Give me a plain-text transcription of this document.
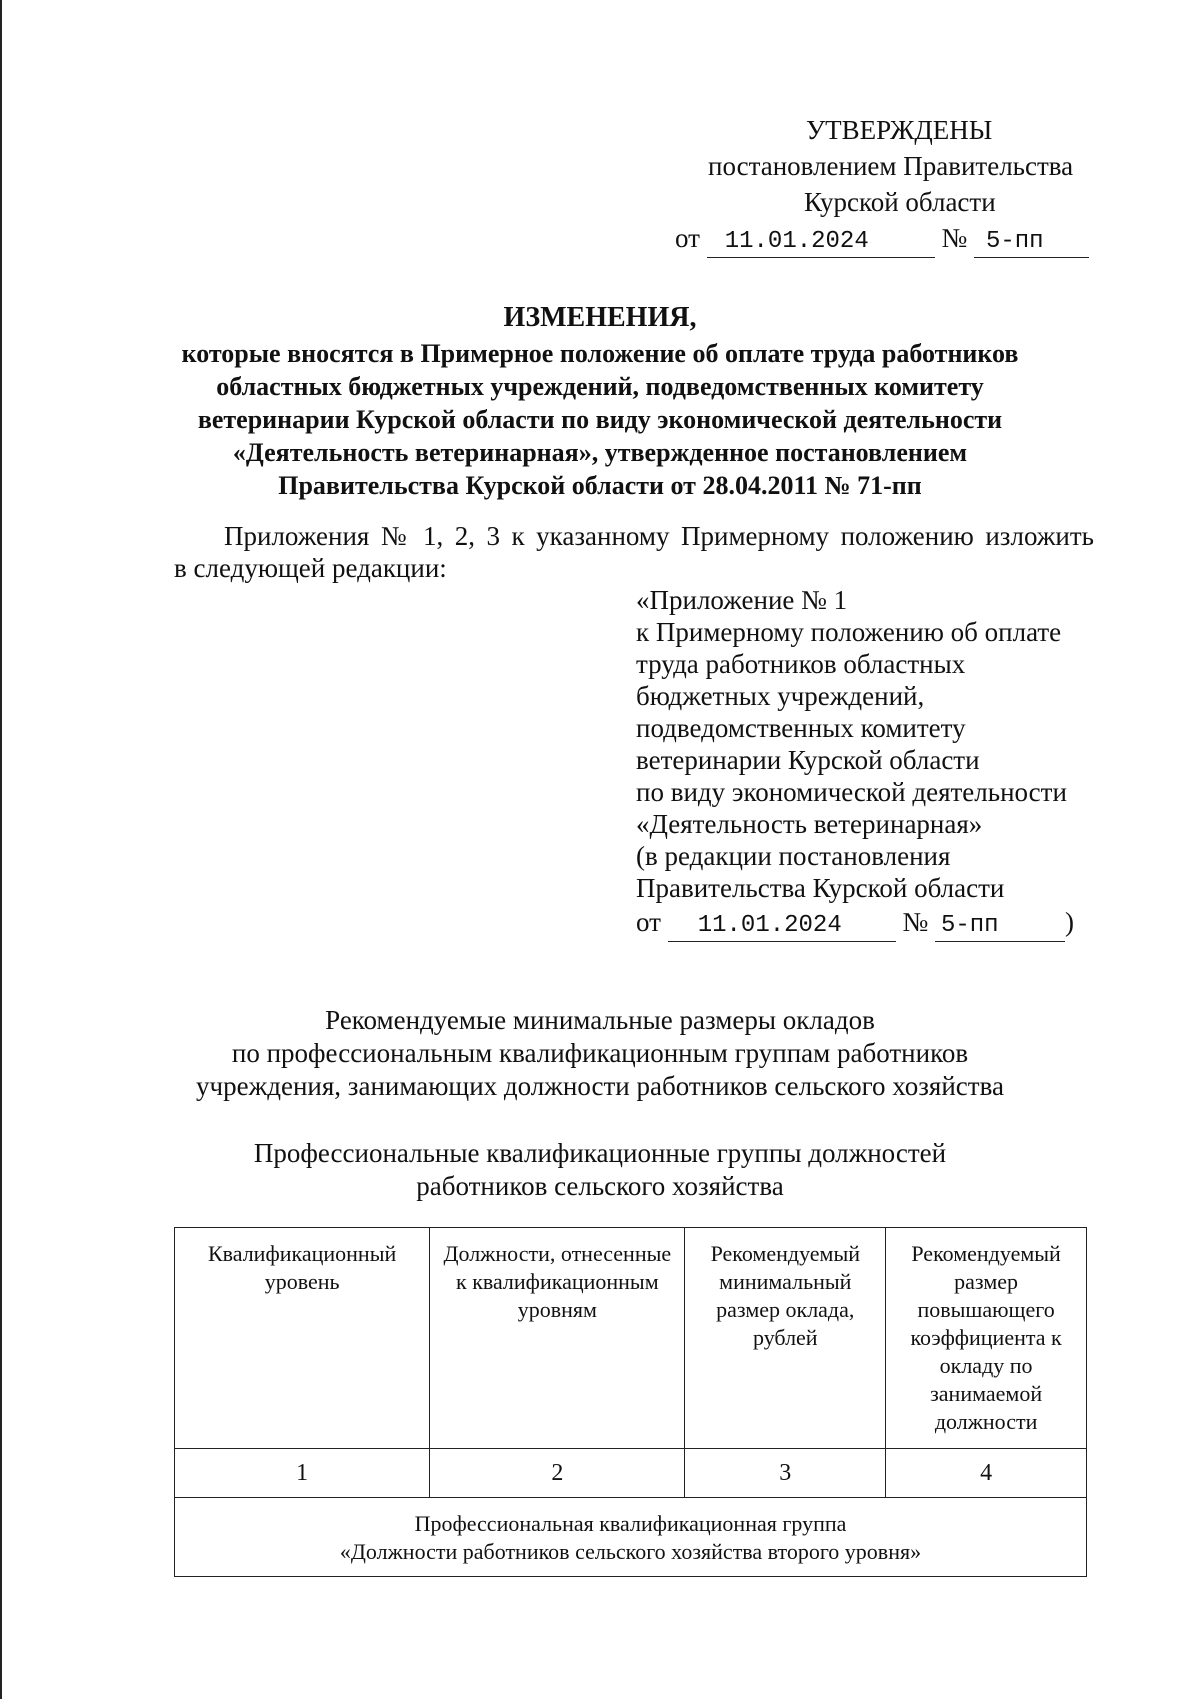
УТВЕРЖДЕНЫ
постановлением Правительства
Курской области
от 11.01.2024	№ 5-пп
ИЗМЕНЕНИЯ,
которые вносятся в Примерное положение об оплате труда работников
областных бюджетных учреждений, подведомственных комитету
ветеринарии Курской области по виду экономической деятельности
«Деятельность ветеринарная», утвержденное постановлением
Правительства Курской области от 28.04.2011 № 71-пп
Приложения № 1, 2, 3 к указанному Примерному положению изложить
в следующей редакции:
«Приложение № 1
к Примерному положению об оплате
труда работников областных
бюджетных учреждений,
подведомственных комитету
ветеринарии Курской области
по виду экономической деятельности
«Деятельность ветеринарная»
(в редакции постановления
Правительства Курской области
от 11.01.2024 № 5-пп )
Рекомендуемые минимальные размеры окладов
по профессиональным квалификационным группам работников
учреждения, занимающих должности работников сельского хозяйства
Профессиональные квалификационные группы должностей
работников сельского хозяйства
Квалификационный уровень	Должности, отнесенные к квалификационным уровням	Рекомендуемый минимальный размер оклада, рублей	Рекомендуемый размер повышающего коэффициента к окладу по занимаемой должности
1	2	3	4

Профессиональная квалификационная группа
«Должности работников сельского хозяйства второго уровня»			
